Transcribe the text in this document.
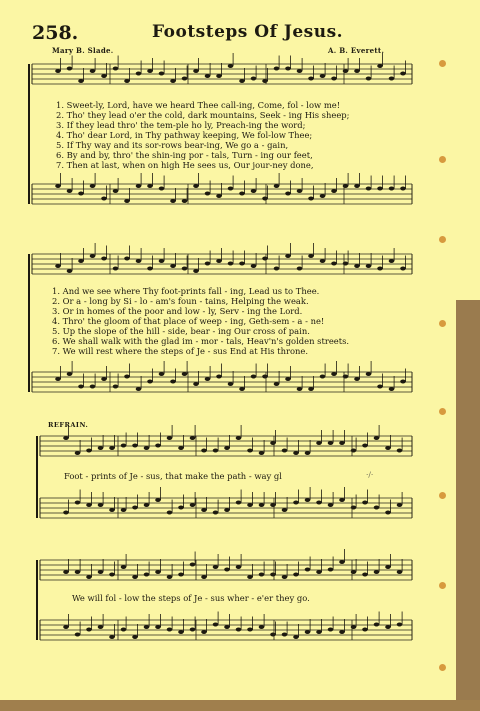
258.	Footsteps Of Jesus.
Mary B. Slade.	A. B. Everett.
1. Sweet-ly, Lord, have we heard Thee call-ing, Come, fol - low me!
2. Tho' they lead o'er the cold, dark mountains, Seek - ing His sheep;
3. If they lead thro' the tem-ple ho ly, Preach-ing the word;
4. Tho' dear Lord, in Thy pathway keeping, We fol-low Thee;
5. If Thy way and its sor-rows bear-ing, We go a - gain,
6. By and by, thro' the shin-ing por - tals, Turn - ing our feet,
7. Then at last, when on high He sees us, Our jour-ney done,
1. And we see where Thy foot-prints fall - ing, Lead us to Thee.
2. Or a - long by Si - lo - am's foun - tains, Helping the weak.
3. Or in homes of the poor and low - ly, Serv - ing the Lord.
4. Thro' the gloom of that place of weep - ing, Geth-sem - a - ne!
5. Up the slope of the hill - side, bear - ing Our cross of pain.
6. We shall walk with the glad im - mor - tals, Heav'n's golden streets.
7. We will rest where the steps of Je - sus End at His throne.
REFRAIN.
Foot - prints of Je - sus, that make the path - way gl	·/·
We will fol - low the steps of Je - sus wher - e'er they go.
